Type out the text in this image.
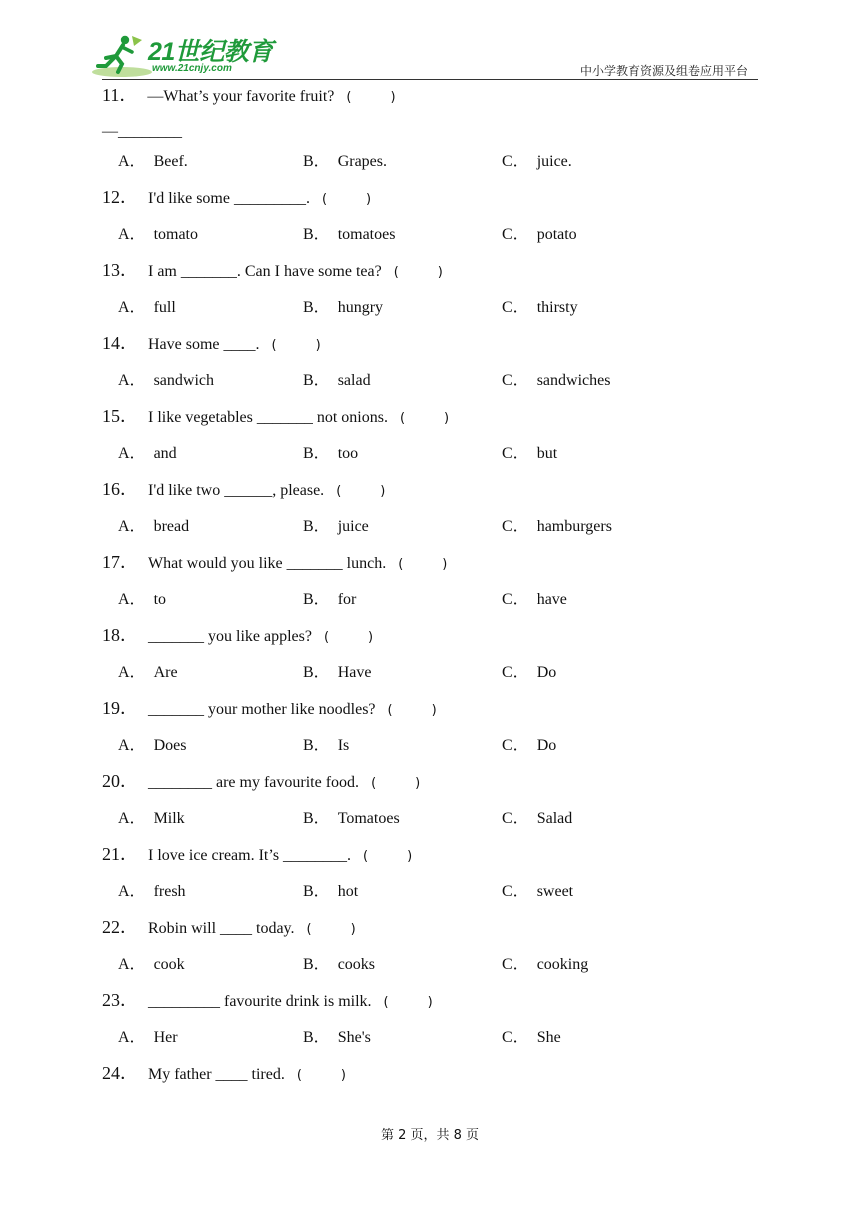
21世纪教育
www.21cnjy.com	中小学教育资源及组卷应用平台
11． —What’s your favorite fruit? (　　　)
—________
A． Beef.	B． Grapes.	C． juice.
12． I'd like some _________. (　　　)
A． tomato	B． tomatoes	C． potato
13． I am _______. Can I have some tea? (　　　)
A． full	B． hungry	C． thirsty
14． Have some ____. (　　　)
A． sandwich	B． salad	C． sandwiches
15． I like vegetables _______ not onions. (　　　)
A． and	B． too	C． but
16． I'd like two ______, please. (　　　)
A． bread	B． juice	C． hamburgers
17． What would you like _______ lunch. (　　　)
A． to	B． for	C． have
18． _______ you like apples? (　　　)
A． Are	B． Have	C． Do
19． _______ your mother like noodles? (　　　)
A． Does	B． Is	C． Do
20． ________ are my favourite food. (　　　)
A． Milk	B． Tomatoes	C． Salad
21． I love ice cream. It’s ________. (　　　)
A． fresh	B． hot	C． sweet
22． Robin will ____ today. (　　　)
A． cook	B． cooks	C． cooking
23． _________ favourite drink is milk. (　　　)
A． Her	B． She's	C． She
24． My father ____ tired. (　　　)
第 2 页，共 8 页
